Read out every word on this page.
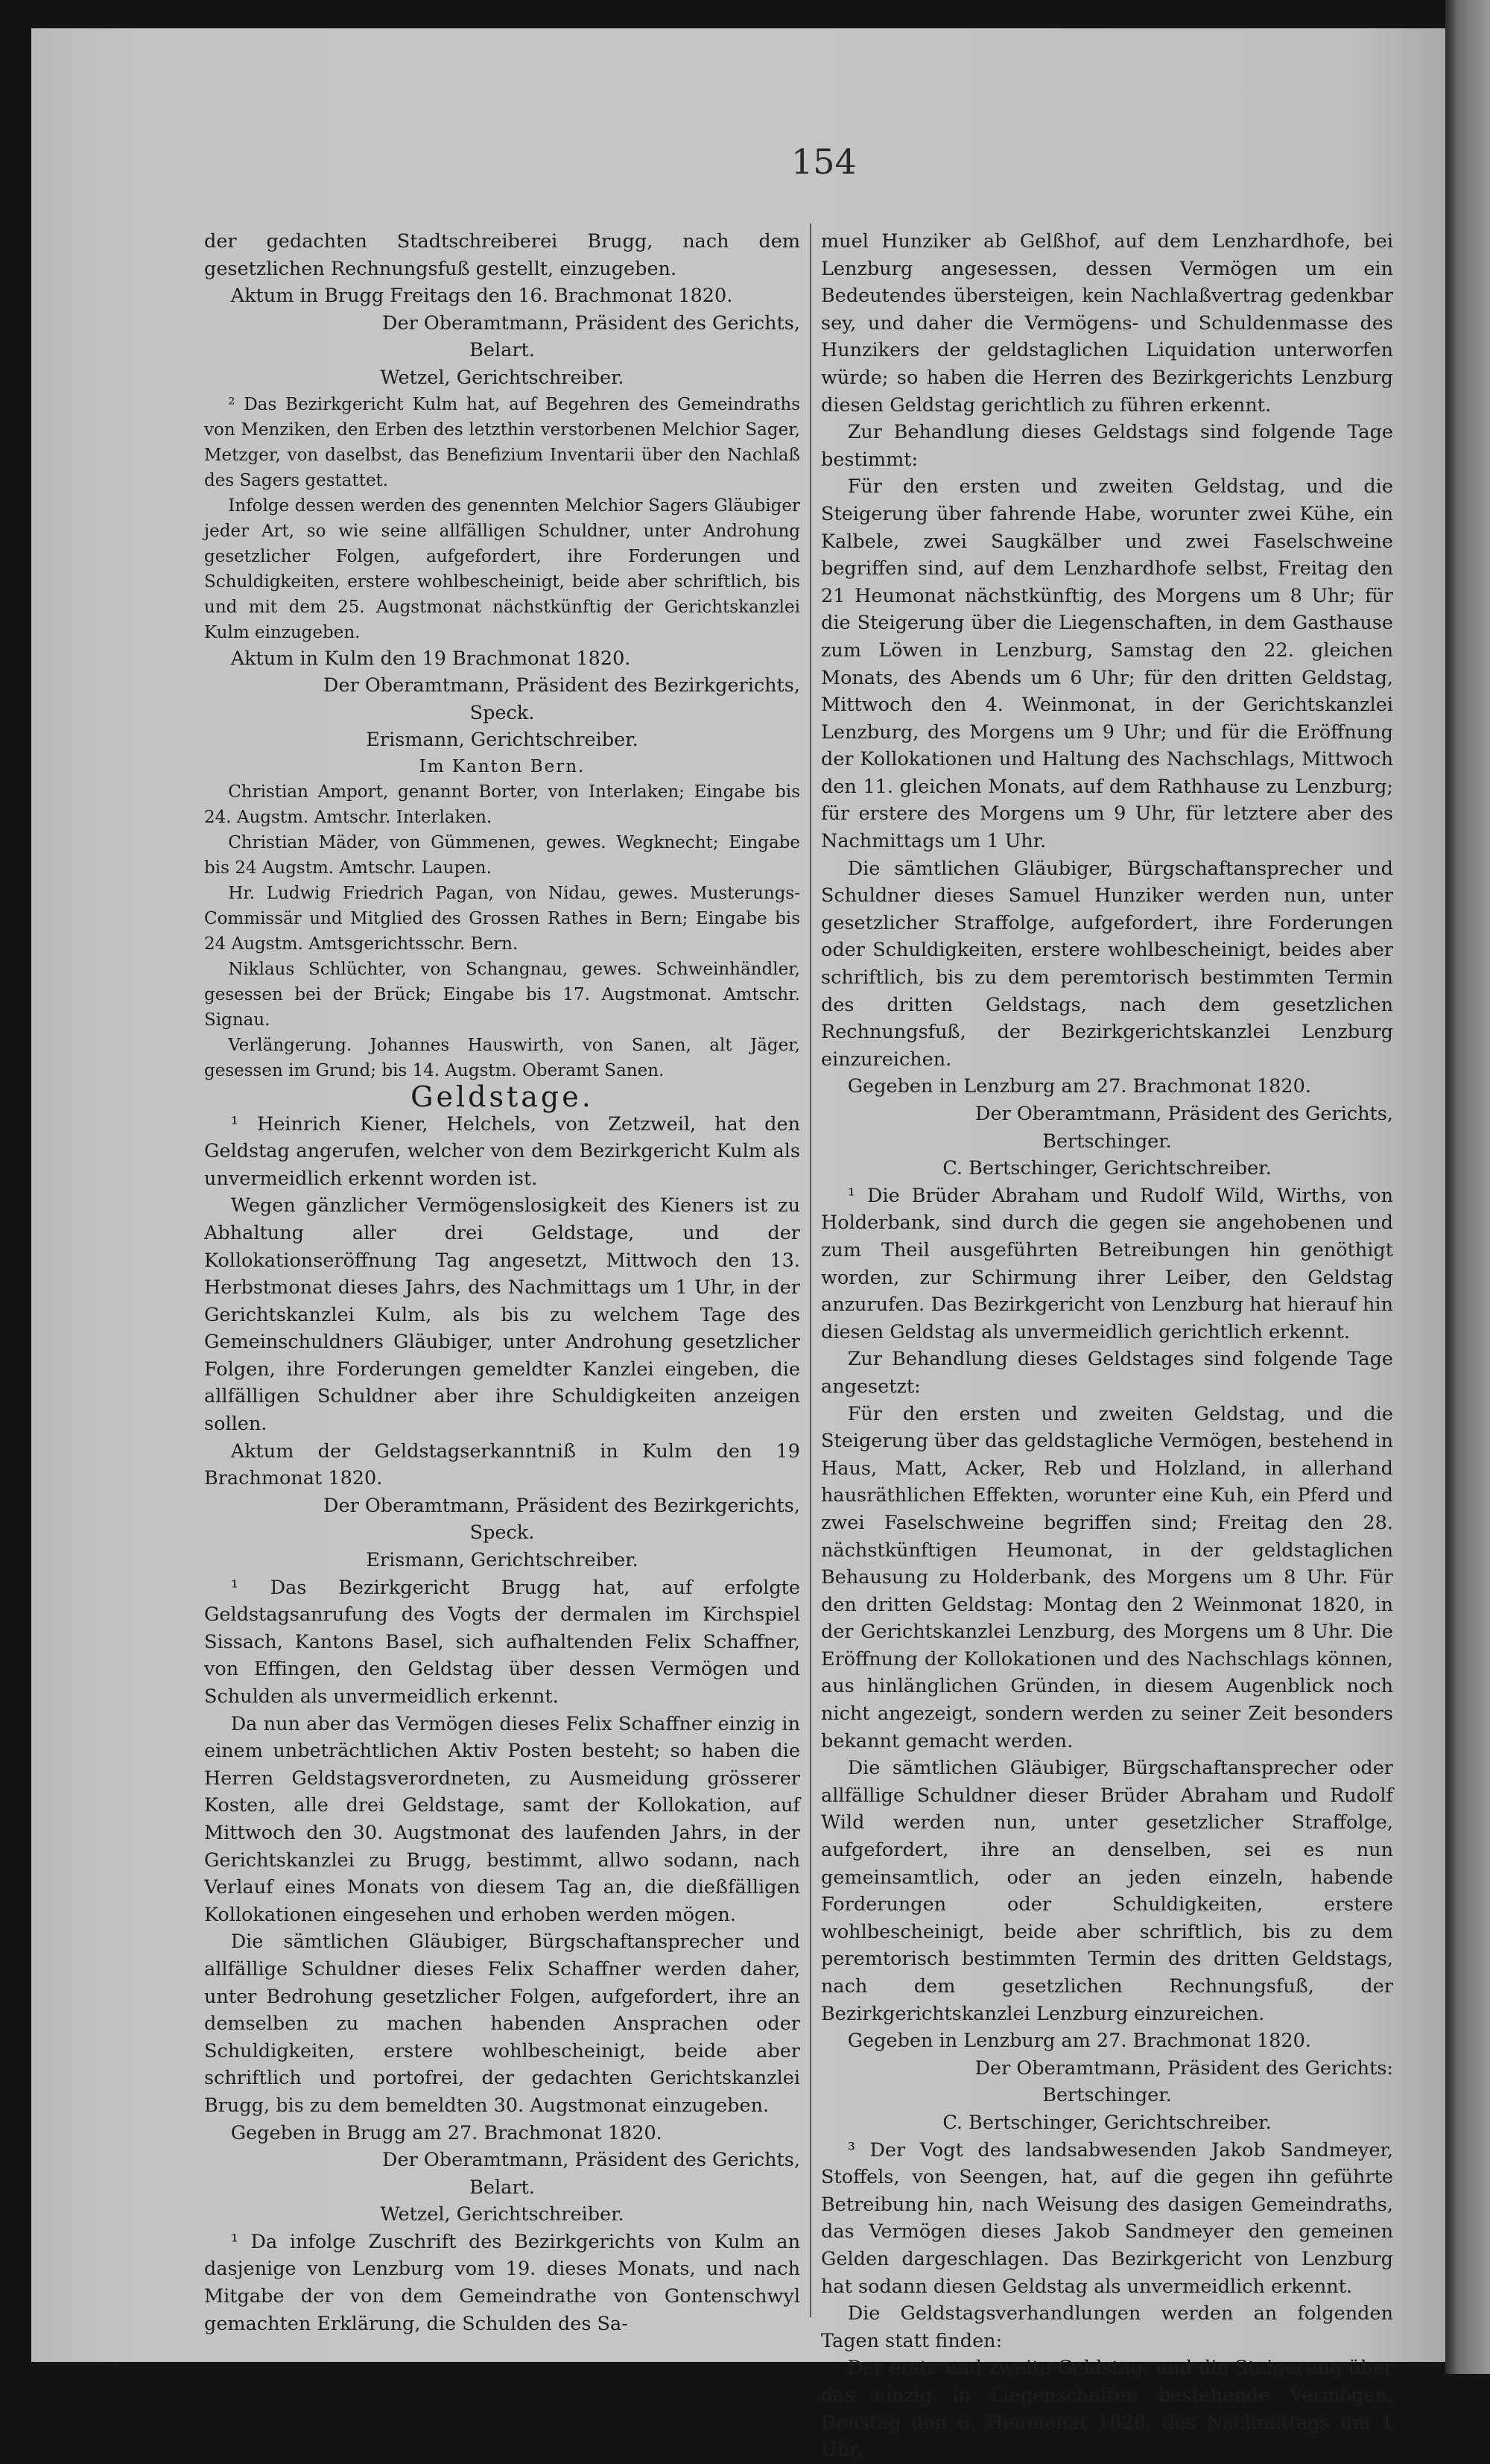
154

der gedachten Stadtschreiberei Brugg, nach dem gesetzlichen Rechnungsfuß gestellt, einzugeben.

Aktum in Brugg Freitags den 16. Brachmonat 1820.

Der Oberamtmann, Präsident des Gerichts,

Belart.

Wetzel, Gerichtschreiber.

² Das Bezirkgericht Kulm hat, auf Begehren des Gemeindraths von Menziken, den Erben des letzthin verstorbenen Melchior Sager, Metzger, von daselbst, das Benefizium Inventarii über den Nachlaß des Sagers gestattet.

Infolge dessen werden des genennten Melchior Sagers Gläubiger jeder Art, so wie seine allfälligen Schuldner, unter Androhung gesetzlicher Folgen, aufgefordert, ihre Forderungen und Schuldigkeiten, erstere wohlbescheinigt, beide aber schriftlich, bis und mit dem 25. Augstmonat nächstkünftig der Gerichtskanzlei Kulm einzugeben.

Aktum in Kulm den 19 Brachmonat 1820.

Der Oberamtmann, Präsident des Bezirkgerichts,

Speck.

Erismann, Gerichtschreiber.

Im Kanton Bern.

Christian Amport, genannt Borter, von Interlaken; Eingabe bis 24. Augstm. Amtschr. Interlaken.

Christian Mäder, von Gümmenen, gewes. Wegknecht; Eingabe bis 24 Augstm. Amtschr. Laupen.

Hr. Ludwig Friedrich Pagan, von Nidau, gewes. Musterungs-Commissär und Mitglied des Grossen Rathes in Bern; Eingabe bis 24 Augstm. Amtsgerichtsschr. Bern.

Niklaus Schlüchter, von Schangnau, gewes. Schweinhändler, gesessen bei der Brück; Eingabe bis 17. Augstmonat. Amtschr. Signau.

Verlängerung. Johannes Hauswirth, von Sanen, alt Jäger, gesessen im Grund; bis 14. Augstm. Oberamt Sanen.

Geldstage.

¹ Heinrich Kiener, Helchels, von Zetzweil, hat den Geldstag angerufen, welcher von dem Bezirkgericht Kulm als unvermeidlich erkennt worden ist.

Wegen gänzlicher Vermögenslosigkeit des Kieners ist zu Abhaltung aller drei Geldstage, und der Kollokationseröffnung Tag angesetzt, Mittwoch den 13. Herbstmonat dieses Jahrs, des Nachmittags um 1 Uhr, in der Gerichtskanzlei Kulm, als bis zu welchem Tage des Gemeinschuldners Gläubiger, unter Androhung gesetzlicher Folgen, ihre Forderungen gemeldter Kanzlei eingeben, die allfälligen Schuldner aber ihre Schuldigkeiten anzeigen sollen.

Aktum der Geldstagserkanntniß in Kulm den 19 Brachmonat 1820.

Der Oberamtmann, Präsident des Bezirkgerichts,

Speck.

Erismann, Gerichtschreiber.

¹ Das Bezirkgericht Brugg hat, auf erfolgte Geldstagsanrufung des Vogts der dermalen im Kirchspiel Sissach, Kantons Basel, sich aufhaltenden Felix Schaffner, von Effingen, den Geldstag über dessen Vermögen und Schulden als unvermeidlich erkennt.

Da nun aber das Vermögen dieses Felix Schaffner einzig in einem unbeträchtlichen Aktiv Posten besteht; so haben die Herren Geldstagsverordneten, zu Ausmeidung grösserer Kosten, alle drei Geldstage, samt der Kollokation, auf Mittwoch den 30. Augstmonat des laufenden Jahrs, in der Gerichtskanzlei zu Brugg, bestimmt, allwo sodann, nach Verlauf eines Monats von diesem Tag an, die dießfälligen Kollokationen eingesehen und erhoben werden mögen.

Die sämtlichen Gläubiger, Bürgschaftansprecher und allfällige Schuldner dieses Felix Schaffner werden daher, unter Bedrohung gesetzlicher Folgen, aufgefordert, ihre an demselben zu machen habenden Ansprachen oder Schuldigkeiten, erstere wohlbescheinigt, beide aber schriftlich und portofrei, der gedachten Gerichtskanzlei Brugg, bis zu dem bemeldten 30. Augstmonat einzugeben.

Gegeben in Brugg am 27. Brachmonat 1820.

Der Oberamtmann, Präsident des Gerichts,

Belart.

Wetzel, Gerichtschreiber.

¹ Da infolge Zuschrift des Bezirkgerichts von Kulm an dasjenige von Lenzburg vom 19. dieses Monats, und nach Mitgabe der von dem Gemeindrathe von Gontenschwyl gemachten Erklärung, die Schulden des Sa-

muel Hunziker ab Gelßhof, auf dem Lenzhardhofe, bei Lenzburg angesessen, dessen Vermögen um ein Bedeutendes übersteigen, kein Nachlaßvertrag gedenkbar sey, und daher die Vermögens- und Schuldenmasse des Hunzikers der geldstaglichen Liquidation unterworfen würde; so haben die Herren des Bezirkgerichts Lenzburg diesen Geldstag gerichtlich zu führen erkennt.

Zur Behandlung dieses Geldstags sind folgende Tage bestimmt:

Für den ersten und zweiten Geldstag, und die Steigerung über fahrende Habe, worunter zwei Kühe, ein Kalbele, zwei Saugkälber und zwei Faselschweine begriffen sind, auf dem Lenzhardhofe selbst, Freitag den 21 Heumonat nächstkünftig, des Morgens um 8 Uhr; für die Steigerung über die Liegenschaften, in dem Gasthause zum Löwen in Lenzburg, Samstag den 22. gleichen Monats, des Abends um 6 Uhr; für den dritten Geldstag, Mittwoch den 4. Weinmonat, in der Gerichtskanzlei Lenzburg, des Morgens um 9 Uhr; und für die Eröffnung der Kollokationen und Haltung des Nachschlags, Mittwoch den 11. gleichen Monats, auf dem Rathhause zu Lenzburg; für erstere des Morgens um 9 Uhr, für letztere aber des Nachmittags um 1 Uhr.

Die sämtlichen Gläubiger, Bürgschaftansprecher und Schuldner dieses Samuel Hunziker werden nun, unter gesetzlicher Straffolge, aufgefordert, ihre Forderungen oder Schuldigkeiten, erstere wohlbescheinigt, beides aber schriftlich, bis zu dem peremtorisch bestimmten Termin des dritten Geldstags, nach dem gesetzlichen Rechnungsfuß, der Bezirkgerichtskanzlei Lenzburg einzureichen.

Gegeben in Lenzburg am 27. Brachmonat 1820.

Der Oberamtmann, Präsident des Gerichts,

Bertschinger.

C. Bertschinger, Gerichtschreiber.

¹ Die Brüder Abraham und Rudolf Wild, Wirths, von Holderbank, sind durch die gegen sie angehobenen und zum Theil ausgeführten Betreibungen hin genöthigt worden, zur Schirmung ihrer Leiber, den Geldstag anzurufen. Das Bezirkgericht von Lenzburg hat hierauf hin diesen Geldstag als unvermeidlich gerichtlich erkennt.

Zur Behandlung dieses Geldstages sind folgende Tage angesetzt:

Für den ersten und zweiten Geldstag, und die Steigerung über das geldstagliche Vermögen, bestehend in Haus, Matt, Acker, Reb und Holzland, in allerhand hausräthlichen Effekten, worunter eine Kuh, ein Pferd und zwei Faselschweine begriffen sind; Freitag den 28. nächstkünftigen Heumonat, in der geldstaglichen Behausung zu Holderbank, des Morgens um 8 Uhr. Für den dritten Geldstag: Montag den 2 Weinmonat 1820, in der Gerichtskanzlei Lenzburg, des Morgens um 8 Uhr. Die Eröffnung der Kollokationen und des Nachschlags können, aus hinlänglichen Gründen, in diesem Augenblick noch nicht angezeigt, sondern werden zu seiner Zeit besonders bekannt gemacht werden.

Die sämtlichen Gläubiger, Bürgschaftansprecher oder allfällige Schuldner dieser Brüder Abraham und Rudolf Wild werden nun, unter gesetzlicher Straffolge, aufgefordert, ihre an denselben, sei es nun gemeinsamtlich, oder an jeden einzeln, habende Forderungen oder Schuldigkeiten, erstere wohlbescheinigt, beide aber schriftlich, bis zu dem peremtorisch bestimmten Termin des dritten Geldstags, nach dem gesetzlichen Rechnungsfuß, der Bezirkgerichtskanzlei Lenzburg einzureichen.

Gegeben in Lenzburg am 27. Brachmonat 1820.

Der Oberamtmann, Präsident des Gerichts:

Bertschinger.

C. Bertschinger, Gerichtschreiber.

³ Der Vogt des landsabwesenden Jakob Sandmeyer, Stoffels, von Seengen, hat, auf die gegen ihn geführte Betreibung hin, nach Weisung des dasigen Gemeindraths, das Vermögen dieses Jakob Sandmeyer den gemeinen Gelden dargeschlagen. Das Bezirkgericht von Lenzburg hat sodann diesen Geldstag als unvermeidlich erkennt.

Die Geldstagsverhandlungen werden an folgenden Tagen statt finden:

Der erste und zweite Geldstag, und die Steigerung über das einzig in Liegenschaften bestehende Vermögen, Donstag den 6. Heumonat 1820, des Nachmittags um 1 Uhr,
